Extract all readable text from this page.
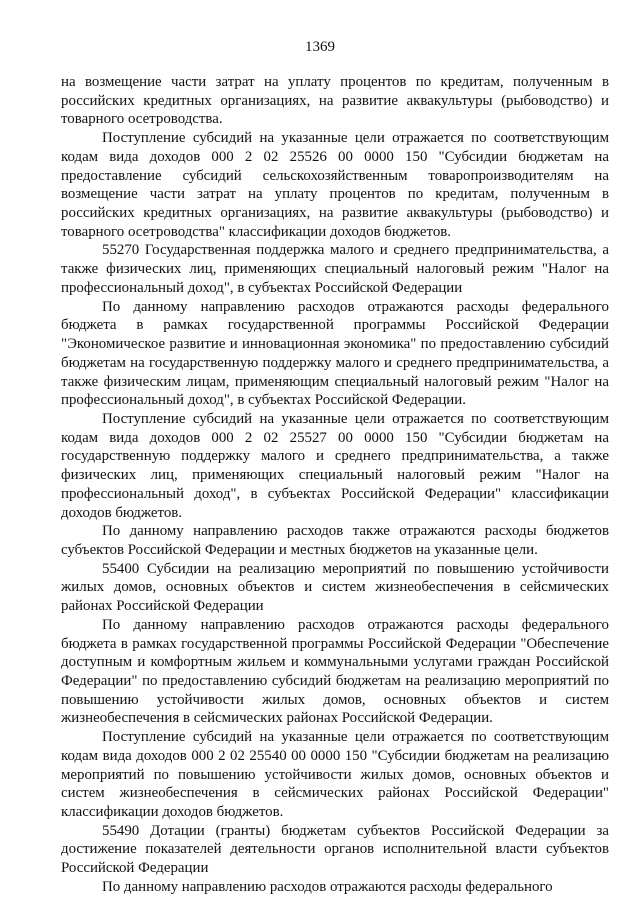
1369

на возмещение части затрат на уплату процентов по кредитам, полученным в российских кредитных организациях, на развитие аквакультуры (рыбоводство) и товарного осетроводства.

Поступление субсидий на указанные цели отражается по соответствующим кодам вида доходов 000 2 02 25526 00 0000 150 "Субсидии бюджетам на предоставление субсидий сельскохозяйственным товаропроизводителям на возмещение части затрат на уплату процентов по кредитам, полученным в российских кредитных организациях, на развитие аквакультуры (рыбоводство) и товарного осетроводства" классификации доходов бюджетов.

55270 Государственная поддержка малого и среднего предпринимательства, а также физических лиц, применяющих специальный налоговый режим "Налог на профессиональный доход", в субъектах Российской Федерации

По данному направлению расходов отражаются расходы федерального бюджета в рамках государственной программы Российской Федерации "Экономическое развитие и инновационная экономика" по предоставлению субсидий бюджетам на государственную поддержку малого и среднего предпринимательства, а также физическим лицам, применяющим специальный налоговый режим "Налог на профессиональный доход", в субъектах Российской Федерации.

Поступление субсидий на указанные цели отражается по соответствующим кодам вида доходов 000 2 02 25527 00 0000 150 "Субсидии бюджетам на государственную поддержку малого и среднего предпринимательства, а также физических лиц, применяющих специальный налоговый режим "Налог на профессиональный доход", в субъектах Российской Федерации" классификации доходов бюджетов.

По данному направлению расходов также отражаются расходы бюджетов субъектов Российской Федерации и местных бюджетов на указанные цели.

55400 Субсидии на реализацию мероприятий по повышению устойчивости жилых домов, основных объектов и систем жизнеобеспечения в сейсмических районах Российской Федерации

По данному направлению расходов отражаются расходы федерального бюджета в рамках государственной программы Российской Федерации "Обеспечение доступным и комфортным жильем и коммунальными услугами граждан Российской Федерации" по предоставлению субсидий бюджетам на реализацию мероприятий по повышению устойчивости жилых домов, основных объектов и систем жизнеобеспечения в сейсмических районах Российской Федерации.

Поступление субсидий на указанные цели отражается по соответствующим кодам вида доходов 000 2 02 25540 00 0000 150 "Субсидии бюджетам на реализацию мероприятий по повышению устойчивости жилых домов, основных объектов и систем жизнеобеспечения в сейсмических районах Российской Федерации" классификации доходов бюджетов.

55490 Дотации (гранты) бюджетам субъектов Российской Федерации за достижение показателей деятельности органов исполнительной власти субъектов Российской Федерации

По данному направлению расходов отражаются расходы федерального
